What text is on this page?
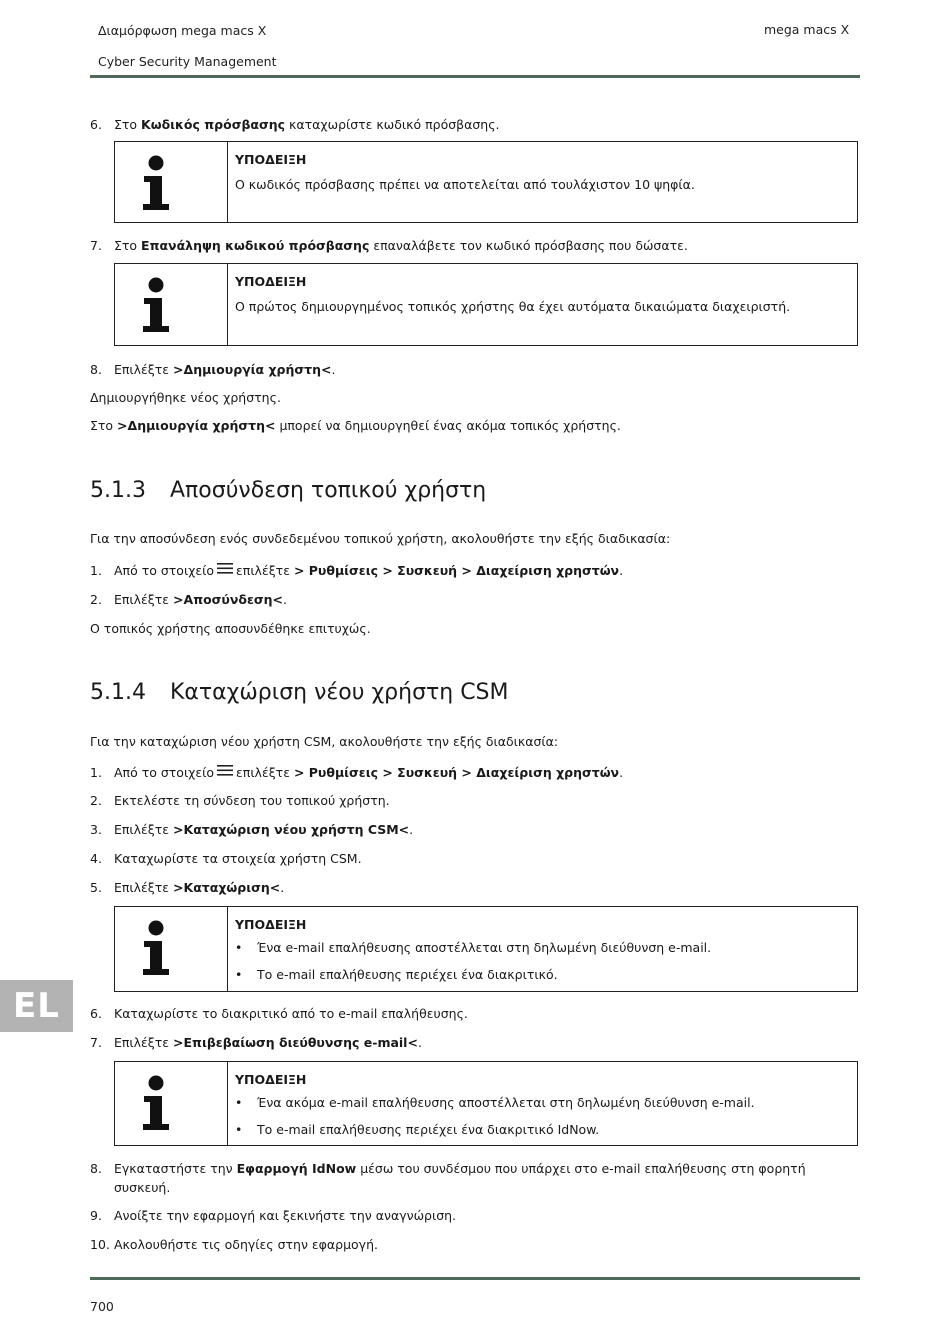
Διαμόρφωση mega macs X
Cyber Security Management
mega macs X
6. Στο Κωδικός πρόσβασης καταχωρίστε κωδικό πρόσβασης.
ΥΠΟΔΕΙΞΗ
Ο κωδικός πρόσβασης πρέπει να αποτελείται από τουλάχιστον 10 ψηφία.
7. Στο Επανάληψη κωδικού πρόσβασης επαναλάβετε τον κωδικό πρόσβασης που δώσατε.
ΥΠΟΔΕΙΞΗ
Ο πρώτος δημιουργημένος τοπικός χρήστης θα έχει αυτόματα δικαιώματα διαχειριστή.
8. Επιλέξτε >Δημιουργία χρήστη<.
Δημιουργήθηκε νέος χρήστης.
Στο >Δημιουργία χρήστη< μπορεί να δημιουργηθεί ένας ακόμα τοπικός χρήστης.
5.1.3 Αποσύνδεση τοπικού χρήστη
Για την αποσύνδεση ενός συνδεδεμένου τοπικού χρήστη, ακολουθήστε την εξής διαδικασία:
1. Από το στοιχείο επιλέξτε > Ρυθμίσεις > Συσκευή > Διαχείριση χρηστών.
2. Επιλέξτε >Αποσύνδεση<.
Ο τοπικός χρήστης αποσυνδέθηκε επιτυχώς.
5.1.4 Καταχώριση νέου χρήστη CSM
Για την καταχώριση νέου χρήστη CSM, ακολουθήστε την εξής διαδικασία:
1. Από το στοιχείο επιλέξτε > Ρυθμίσεις > Συσκευή > Διαχείριση χρηστών.
2. Εκτελέστε τη σύνδεση του τοπικού χρήστη.
3. Επιλέξτε >Καταχώριση νέου χρήστη CSM<.
4. Καταχωρίστε τα στοιχεία χρήστη CSM.
5. Επιλέξτε >Καταχώριση<.
ΥΠΟΔΕΙΞΗ
• Ένα e-mail επαλήθευσης αποστέλλεται στη δηλωμένη διεύθυνση e-mail.
• Το e-mail επαλήθευσης περιέχει ένα διακριτικό.
EL	6. Καταχωρίστε το διακριτικό από το e-mail επαλήθευσης.
7. Επιλέξτε >Επιβεβαίωση διεύθυνσης e-mail<.
ΥΠΟΔΕΙΞΗ
• Ένα ακόμα e-mail επαλήθευσης αποστέλλεται στη δηλωμένη διεύθυνση e-mail.
• Το e-mail επαλήθευσης περιέχει ένα διακριτικό IdNow.
8. Εγκαταστήστε την Εφαρμογή IdNow μέσω του συνδέσμου που υπάρχει στο e-mail επαλήθευσης στη φορητή
συσκευή.
9. Ανοίξτε την εφαρμογή και ξεκινήστε την αναγνώριση.
10. Ακολουθήστε τις οδηγίες στην εφαρμογή.
700
